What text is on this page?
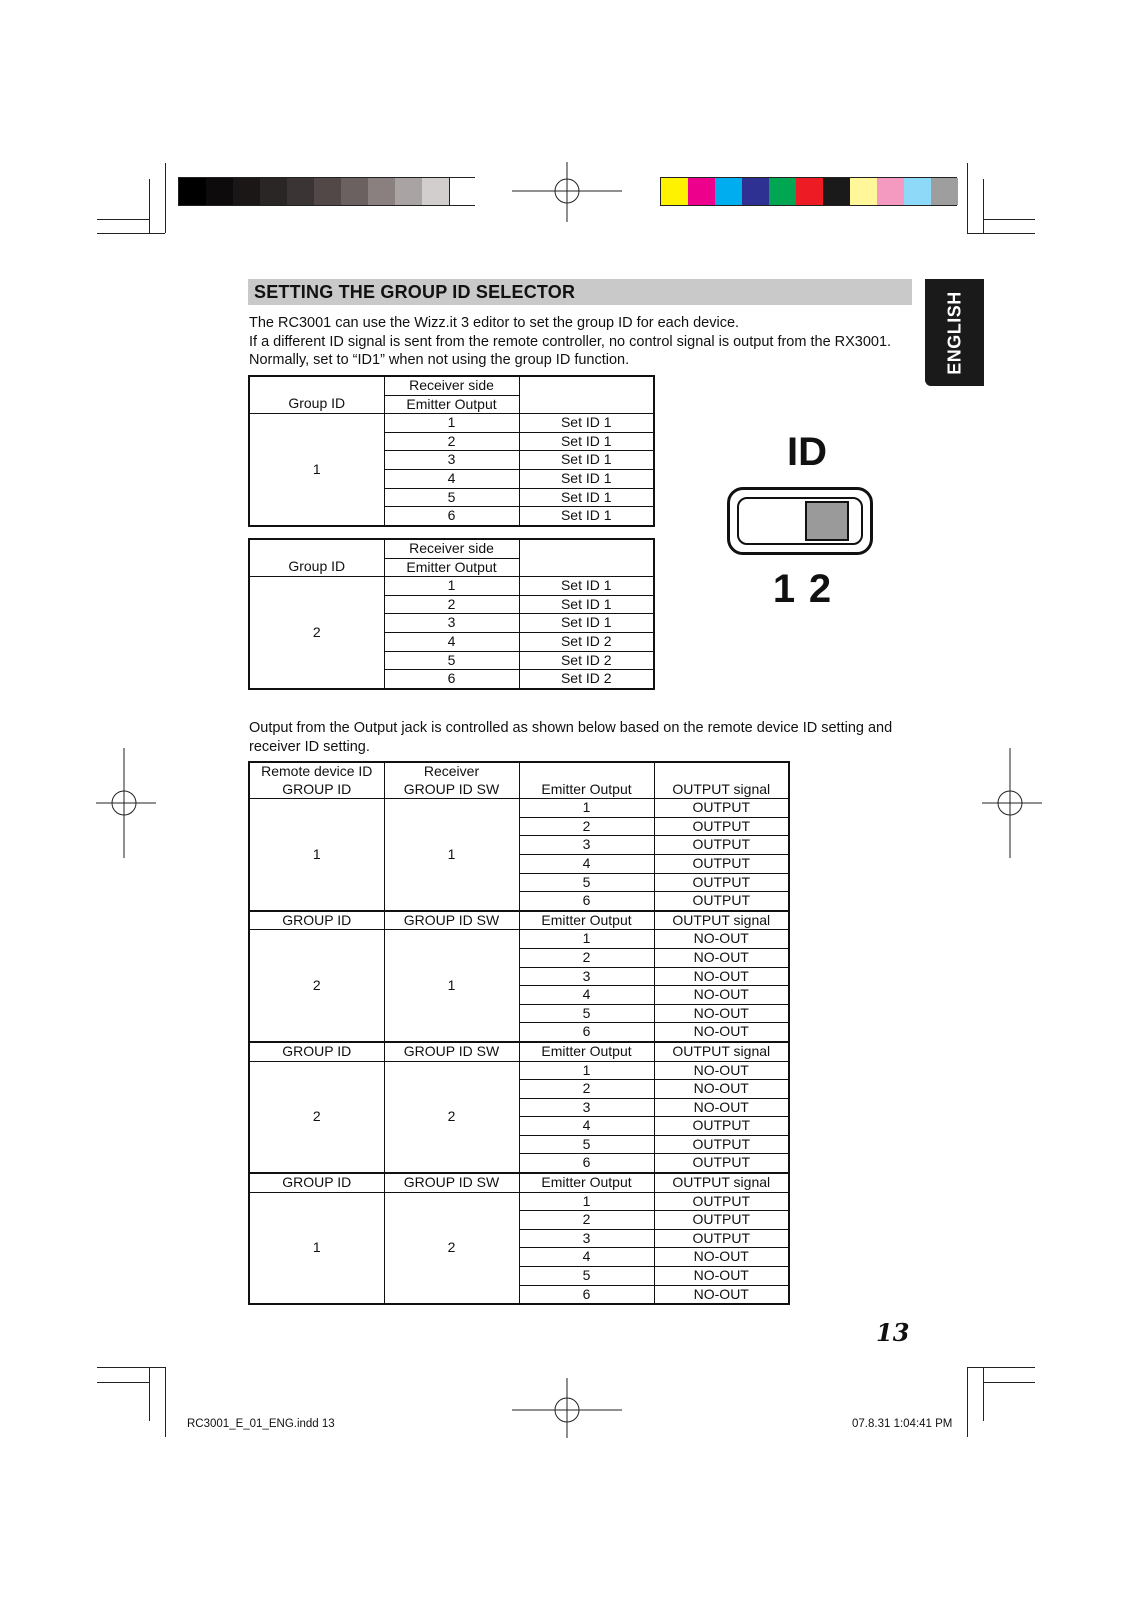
ENGLISH
SETTING THE GROUP ID SELECTOR
The RC3001 can use the Wizz.it 3 editor to set the group ID for each device.
If a different ID signal is sent from the remote controller, no control signal is output from the RX3001.
Normally, set to “ID1” when not using the group ID function.
	Receiver side	
Group ID	Emitter Output	
1	1	Set ID 1
	2	Set ID 1
	3	Set ID 1
	4	Set ID 1
	5	Set ID 1
	6	Set ID 1
	Receiver side	
Group ID	Emitter Output	
2	1	Set ID 1
	2	Set ID 1
	3	Set ID 1
	4	Set ID 2
	5	Set ID 2
	6	Set ID 2
ID
1 2
Output from the Output jack is controlled as shown below based on the remote device ID setting and
receiver ID setting.
Remote device ID	Receiver		
GROUP ID	GROUP ID SW	Emitter Output	OUTPUT signal
1	1	1	OUTPUT
		2	OUTPUT
		3	OUTPUT
		4	OUTPUT
		5	OUTPUT
		6	OUTPUT
GROUP ID	GROUP ID SW	Emitter Output	OUTPUT signal
2	1	1	NO-OUT
		2	NO-OUT
		3	NO-OUT
		4	NO-OUT
		5	NO-OUT
		6	NO-OUT
GROUP ID	GROUP ID SW	Emitter Output	OUTPUT signal
2	2	1	NO-OUT
		2	NO-OUT
		3	NO-OUT
		4	OUTPUT
		5	OUTPUT
		6	OUTPUT
GROUP ID	GROUP ID SW	Emitter Output	OUTPUT signal
1	2	1	OUTPUT
		2	OUTPUT
		3	OUTPUT
		4	NO-OUT
		5	NO-OUT
		6	NO-OUT
13
RC3001_E_01_ENG.indd 13	07.8.31 1:04:41 PM
